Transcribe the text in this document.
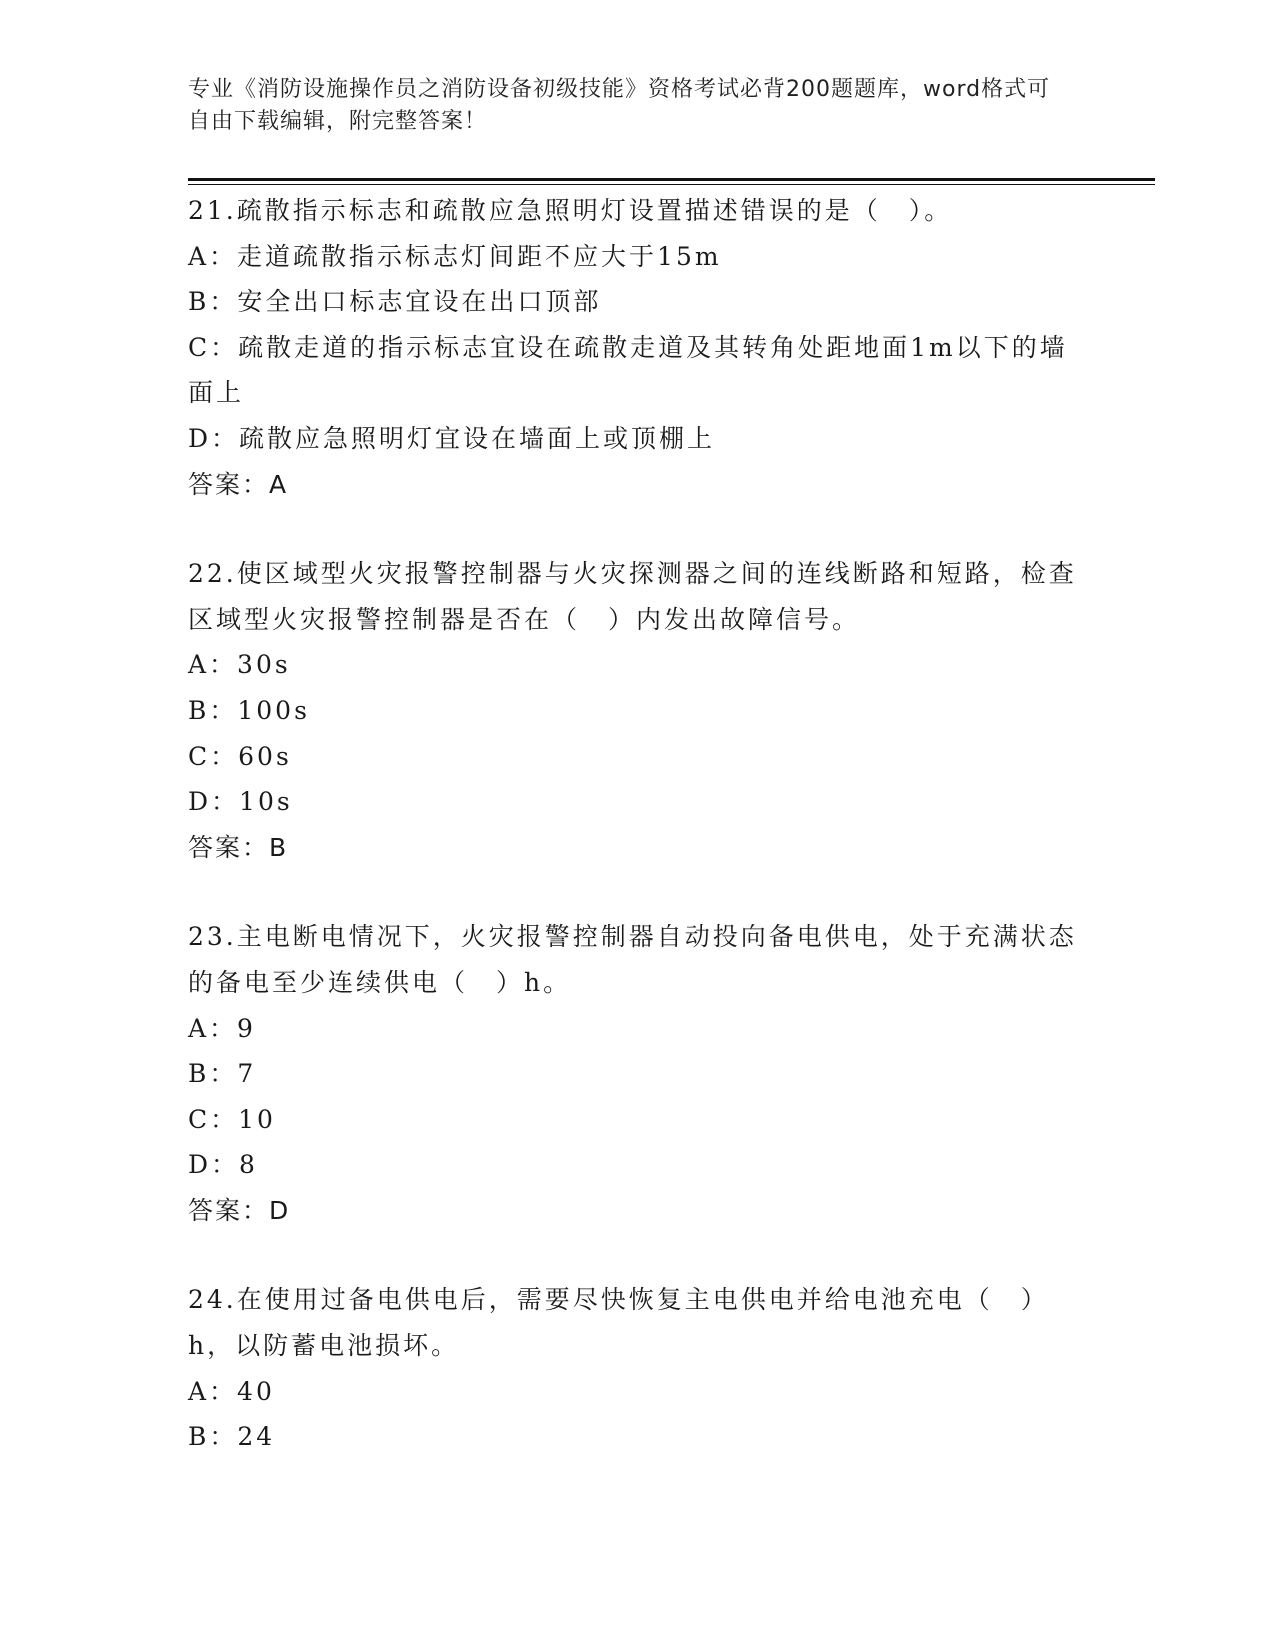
专业《消防设施操作员之消防设备初级技能》资格考试必背200题题库，word格式可自由下载编辑，附完整答案！
21.疏散指示标志和疏散应急照明灯设置描述错误的是（　）。
A：走道疏散指示标志灯间距不应大于15m
B：安全出口标志宜设在出口顶部
C：疏散走道的指示标志宜设在疏散走道及其转角处距地面1m以下的墙面上
D：疏散应急照明灯宜设在墙面上或顶棚上
答案：A
22.使区域型火灾报警控制器与火灾探测器之间的连线断路和短路，检查区域型火灾报警控制器是否在（　）内发出故障信号。
A：30s
B：100s
C：60s
D：10s
答案：B
23.主电断电情况下，火灾报警控制器自动投向备电供电，处于充满状态的备电至少连续供电（　）h。
A：9
B：7
C：10
D：8
答案：D
24.在使用过备电供电后，需要尽快恢复主电供电并给电池充电（　）h，以防蓄电池损坏。
A：40
B：24
